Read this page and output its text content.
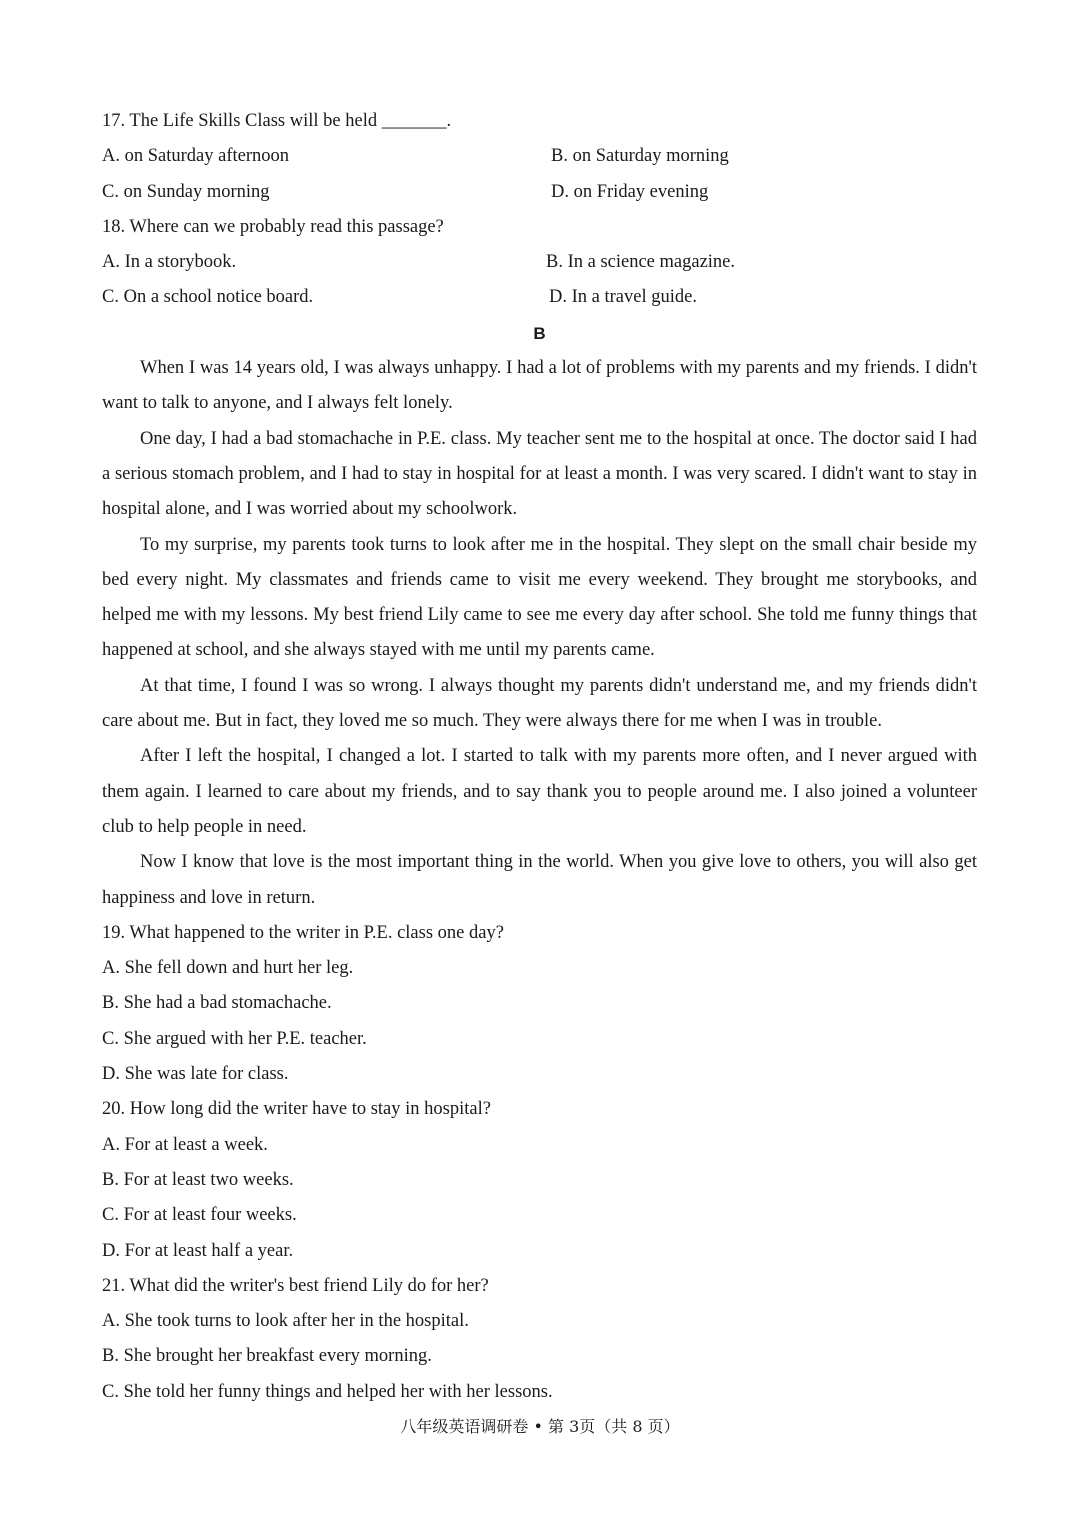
17. The Life Skills Class will be held _______.
A. on Saturday afternoon	B. on Saturday morning
C. on Sunday morning	D. on Friday evening
18. Where can we probably read this passage?
A. In a storybook.	B. In a science magazine.
C. On a school notice board.	D. In a travel guide.
B

When I was 14 years old, I was always unhappy. I had a lot of problems with my parents and my friends. I didn't want to talk to anyone, and I always felt lonely.

One day, I had a bad stomachache in P.E. class. My teacher sent me to the hospital at once. The doctor said I had a serious stomach problem, and I had to stay in hospital for at least a month. I was very scared. I didn't want to stay in hospital alone, and I was worried about my schoolwork.

To my surprise, my parents took turns to look after me in the hospital. They slept on the small chair beside my bed every night. My classmates and friends came to visit me every weekend. They brought me storybooks, and helped me with my lessons. My best friend Lily came to see me every day after school. She told me funny things that happened at school, and she always stayed with me until my parents came.

At that time, I found I was so wrong. I always thought my parents didn't understand me, and my friends didn't care about me. But in fact, they loved me so much. They were always there for me when I was in trouble.

After I left the hospital, I changed a lot. I started to talk with my parents more often, and I never argued with them again. I learned to care about my friends, and to say thank you to people around me. I also joined a volunteer club to help people in need.

Now I know that love is the most important thing in the world. When you give love to others, you will also get happiness and love in return.

19. What happened to the writer in P.E. class one day?
A. She fell down and hurt her leg.
B. She had a bad stomachache.
C. She argued with her P.E. teacher.
D. She was late for class.
20. How long did the writer have to stay in hospital?
A. For at least a week.
B. For at least two weeks.
C. For at least four weeks.
D. For at least half a year.
21. What did the writer's best friend Lily do for her?
A. She took turns to look after her in the hospital.
B. She brought her breakfast every morning.
C. She told her funny things and helped her with her lessons.
八年级英语调研卷 • 第 3页（共 8 页）
